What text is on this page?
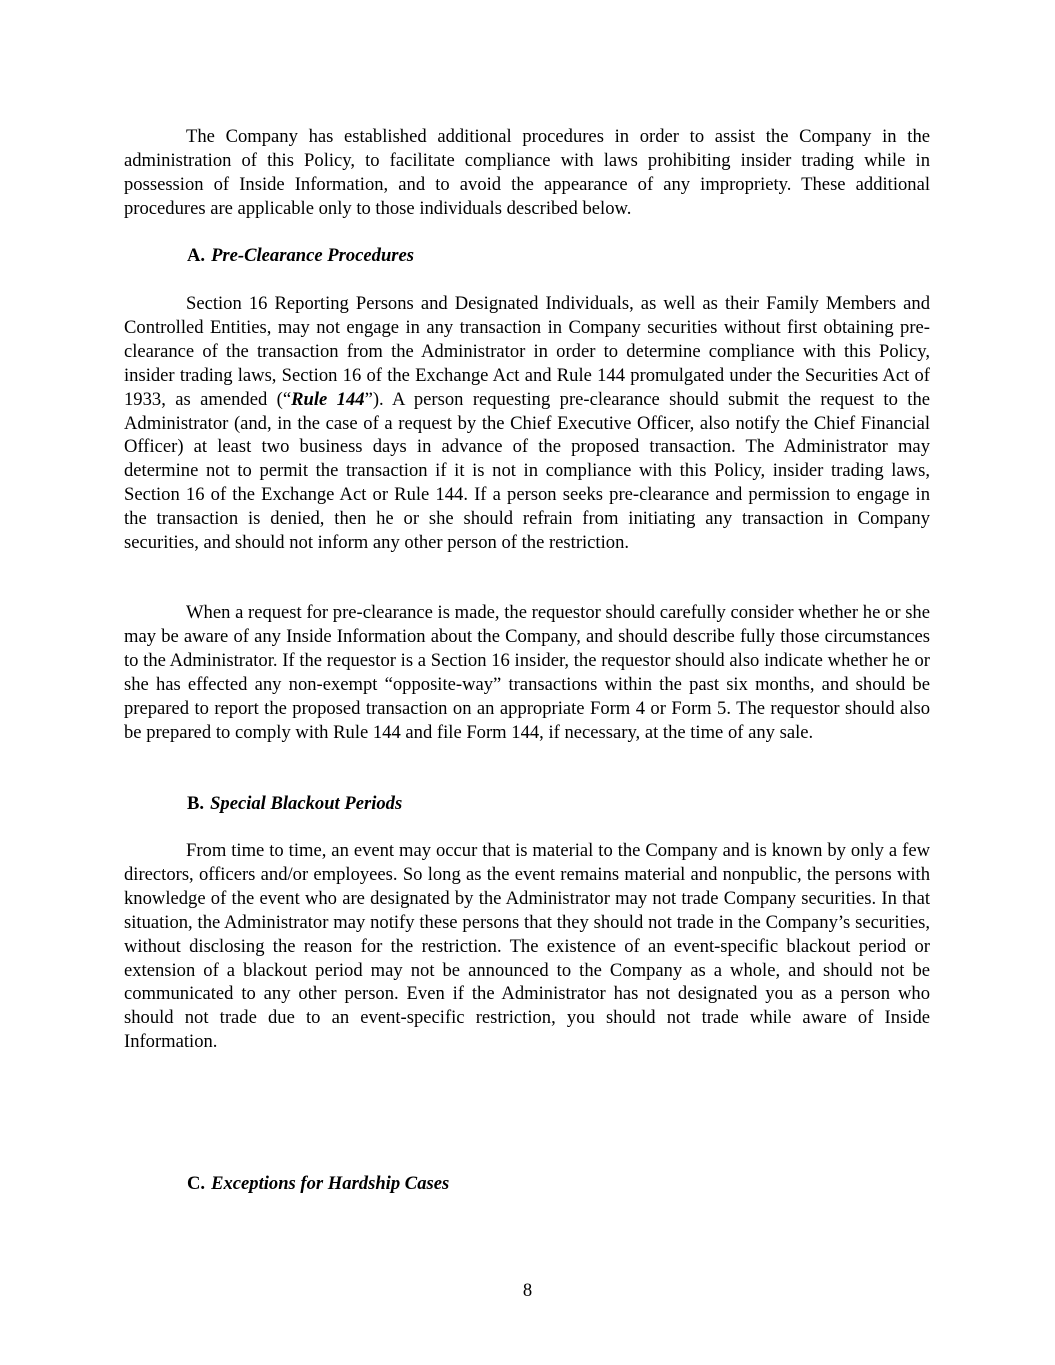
The Company has established additional procedures in order to assist the Company in the administration of this Policy, to facilitate compliance with laws prohibiting insider trading while in possession of Inside Information, and to avoid the appearance of any impropriety. These additional procedures are applicable only to those individuals described below.

A. Pre-Clearance Procedures

Section 16 Reporting Persons and Designated Individuals, as well as their Family Members and Controlled Entities, may not engage in any transaction in Company securities without first obtaining pre-clearance of the transaction from the Administrator in order to determine compliance with this Policy, insider trading laws, Section 16 of the Exchange Act and Rule 144 promulgated under the Securities Act of 1933, as amended (“Rule 144”). A person requesting pre-clearance should submit the request to the Administrator (and, in the case of a request by the Chief Executive Officer, also notify the Chief Financial Officer) at least two business days in advance of the proposed transaction. The Administrator may determine not to permit the transaction if it is not in compliance with this Policy, insider trading laws, Section 16 of the Exchange Act or Rule 144. If a person seeks pre-clearance and permission to engage in the transaction is denied, then he or she should refrain from initiating any transaction in Company securities, and should not inform any other person of the restriction.

When a request for pre-clearance is made, the requestor should carefully consider whether he or she may be aware of any Inside Information about the Company, and should describe fully those circumstances to the Administrator. If the requestor is a Section 16 insider, the requestor should also indicate whether he or she has effected any non-exempt “opposite-way” transactions within the past six months, and should be prepared to report the proposed transaction on an appropriate Form 4 or Form 5. The requestor should also be prepared to comply with Rule 144 and file Form 144, if necessary, at the time of any sale.

B. Special Blackout Periods

From time to time, an event may occur that is material to the Company and is known by only a few directors, officers and/or employees. So long as the event remains material and nonpublic, the persons with knowledge of the event who are designated by the Administrator may not trade Company securities. In that situation, the Administrator may notify these persons that they should not trade in the Company’s securities, without disclosing the reason for the restriction. The existence of an event-specific blackout period or extension of a blackout period may not be announced to the Company as a whole, and should not be communicated to any other person. Even if the Administrator has not designated you as a person who should not trade due to an event-specific restriction, you should not trade while aware of Inside Information.

C. Exceptions for Hardship Cases

8
